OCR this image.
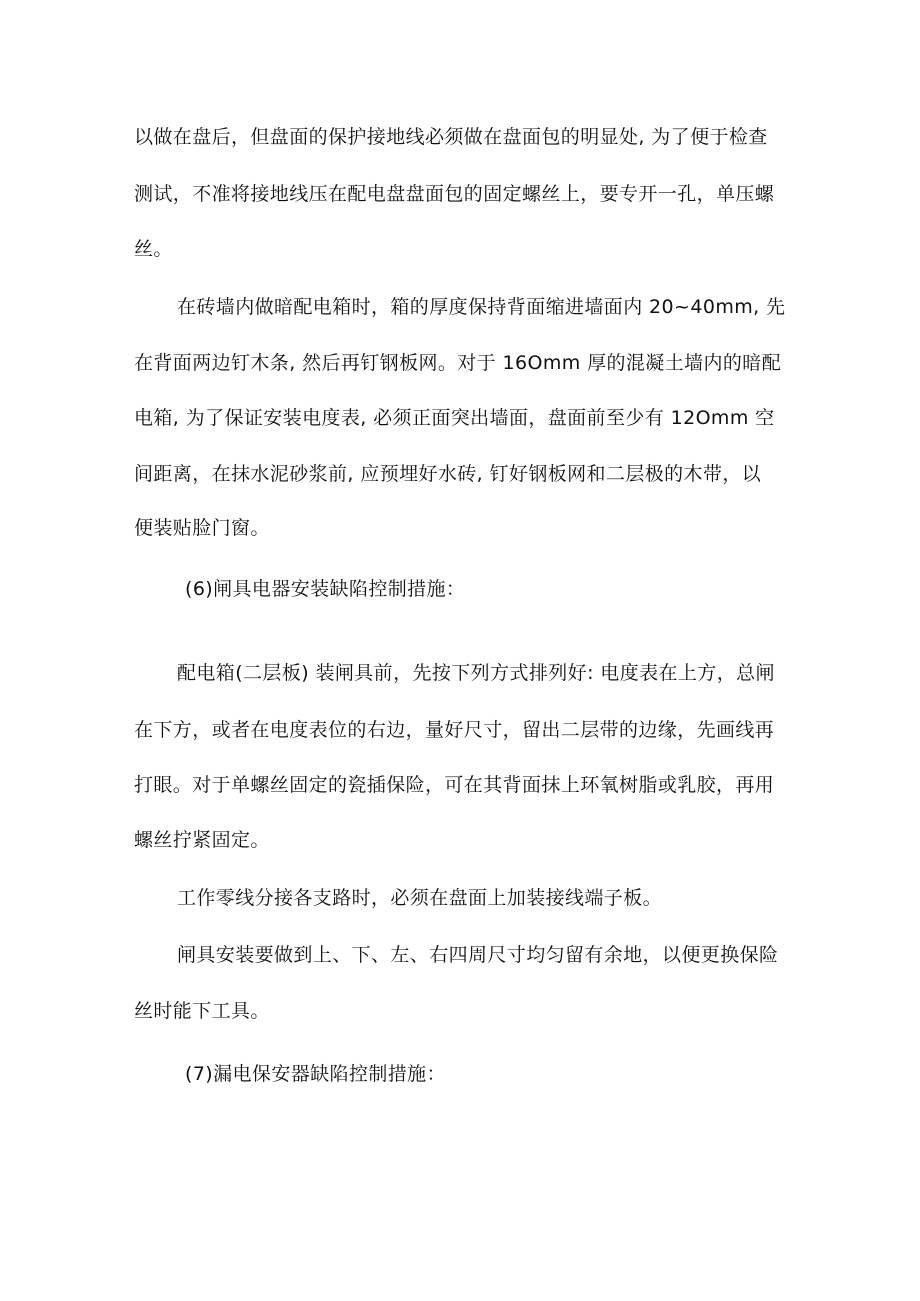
以做在盘后，但盘面的保护接地线必须做在盘面包的明显处, 为了便于检查

测试，不准将接地线压在配电盘盘面包的固定螺丝上，要专开一孔，单压螺

丝。

在砖墙内做暗配电箱时，箱的厚度保持背面缩进墙面内 20~40mm, 先

在背面两边钉木条, 然后再钉钢板网。对于 16Omm 厚的混凝土墙内的暗配

电箱, 为了保证安装电度表, 必须正面突出墙面，盘面前至少有 12Omm 空

间距离，在抹水泥砂浆前, 应预埋好水砖, 钉好钢板网和二层极的木带，以

便装贴脸门窗。

(6)闸具电器安装缺陷控制措施：

配电箱(二层板) 装闸具前，先按下列方式排列好: 电度表在上方，总闸

在下方，或者在电度表位的右边，量好尺寸，留出二层带的边缘，先画线再

打眼。对于单螺丝固定的瓷插保险，可在其背面抹上环氧树脂或乳胶，再用

螺丝拧紧固定。

工作零线分接各支路时，必须在盘面上加装接线端子板。

闸具安装要做到上、下、左、右四周尺寸均匀留有余地，以便更换保险

丝时能下工具。

(7)漏电保安器缺陷控制措施：
